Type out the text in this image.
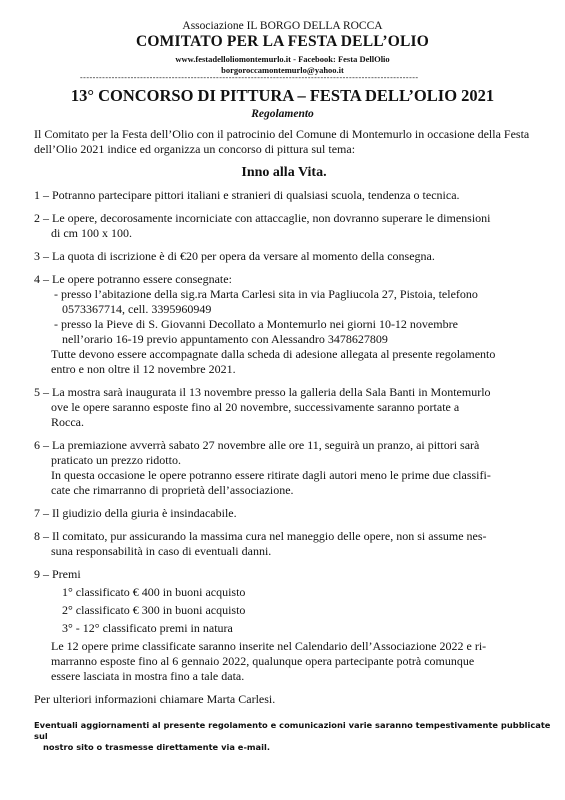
Associazione IL BORGO DELLA ROCCA
COMITATO PER LA FESTA DELL’OLIO
www.festadelloliomontemurlo.it - Facebook: Festa DellOlio
borgoroccamontemurlo@yahoo.it
-----------------------------------------------------------------------------------------------------------
13° CONCORSO DI PITTURA – FESTA DELL’OLIO 2021
Regolamento
Il Comitato per la Festa dell’Olio con il patrocinio del Comune di Montemurlo in occasione della Festa dell’Olio 2021 indice ed organizza un concorso di pittura sul tema:
Inno alla Vita.
1 – Potranno partecipare pittori italiani e stranieri di qualsiasi scuola, tendenza o tecnica.
2 – Le opere, decorosamente incorniciate con attaccaglie, non dovranno superare le dimensioni
di cm 100 x 100.
3 – La quota di iscrizione è di €20 per opera da versare al momento della consegna.
4 – Le opere potranno essere consegnate:
- presso l’abitazione della sig.ra Marta Carlesi sita in via Pagliucola 27, Pistoia, telefono
0573367714, cell. 3395960949
- presso la Pieve di S. Giovanni Decollato a Montemurlo nei giorni 10-12 novembre
nell’orario 16-19 previo appuntamento con Alessandro 3478627809
Tutte devono essere accompagnate dalla scheda di adesione allegata al presente regolamento
entro e non oltre il 12 novembre 2021.
5 – La mostra sarà inaugurata il 13 novembre presso la galleria della Sala Banti in Montemurlo
ove le opere saranno esposte fino al 20 novembre, successivamente saranno portate a
Rocca.
6 – La premiazione avverrà sabato 27 novembre alle ore 11, seguirà un pranzo, ai pittori sarà
praticato un prezzo ridotto.
In questa occasione le opere potranno essere ritirate dagli autori meno le prime due classifi-
cate che rimarranno di proprietà dell’associazione.
7 – Il giudizio della giuria è insindacabile.
8 – Il comitato, pur assicurando la massima cura nel maneggio delle opere, non si assume nes-
suna responsabilità in caso di eventuali danni.
9 – Premi
1° classificato € 400 in buoni acquisto
2° classificato € 300 in buoni acquisto
3° - 12° classificato premi in natura
Le 12 opere prime classificate saranno inserite nel Calendario dell’Associazione 2022 e ri-
marranno esposte fino al 6 gennaio 2022, qualunque opera partecipante potrà comunque
essere lasciata in mostra fino a tale data.
Per ulteriori informazioni chiamare Marta Carlesi.
Eventuali aggiornamenti al presente regolamento e comunicazioni varie saranno tempestivamente pubblicate sul
nostro sito o trasmesse direttamente via e-mail.
